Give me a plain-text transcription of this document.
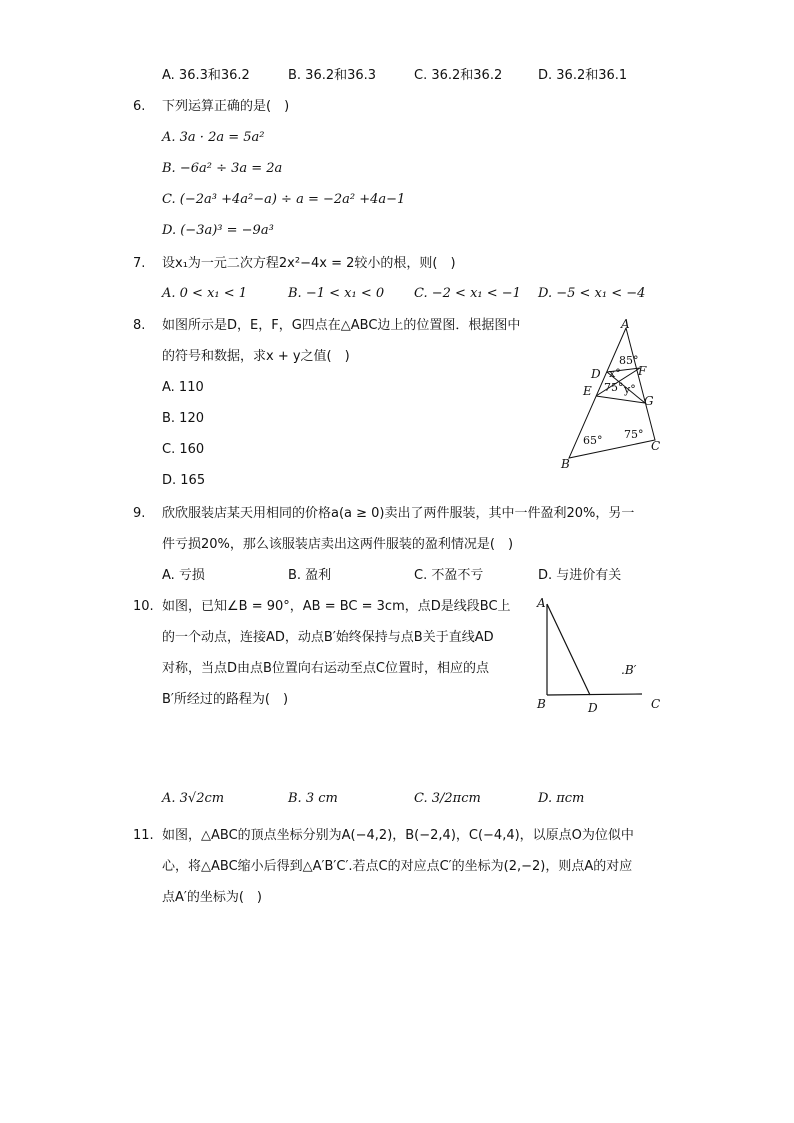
A. 36.3和36.2	B. 36.2和36.3	C. 36.2和36.2	D. 36.2和36.1
6. 下列运算正确的是(　)
A. 3a · 2a = 5a²
B. −6a² ÷ 3a = 2a
C. (−2a³ +4a²−a) ÷ a = −2a² +4a−1
D. (−3a)³ = −9a³
7. 设x₁为一元二次方程2x²−4x = 2较小的根，则(　)
A. 0 < x₁ < 1	B. −1 < x₁ < 0 C. −2 < x₁ < −1 D. −5 < x₁ < −4
8. 如图所示是D，E，F，G四点在△ABC边上的位置图．根据图中
的符号和数据，求x + y之值(　)
A. 110
B. 120
C. 160
D. 165
A
B
C
D
E
F
G
85°
x°
75° y°
65° 75°
9. 欣欣服装店某天用相同的价格a(a ≥ 0)卖出了两件服装，其中一件盈利20%，另一
件亏损20%，那么该服装店卖出这两件服装的盈利情况是(　)
A. 亏损	B. 盈利	C. 不盈不亏	D. 与进价有关
10. 如图，已知∠B = 90°，AB = BC = 3cm，点D是线段BC上
的一个动点，连接AD，动点B′始终保持与点B关于直线AD
对称，当点D由点B位置向右运动至点C位置时，相应的点
B′所经过的路程为(　)
A
B	D	C
.B′
A. 3√2cm	B. 3 cm	C. 3/2πcm	D. πcm
11. 如图，△ABC的顶点坐标分别为A(−4,2)，B(−2,4)，C(−4,4)，以原点O为位似中
心，将△ABC缩小后得到△A′B′C′.若点C的对应点C′的坐标为(2,−2)，则点A的对应
点A′的坐标为(　)
